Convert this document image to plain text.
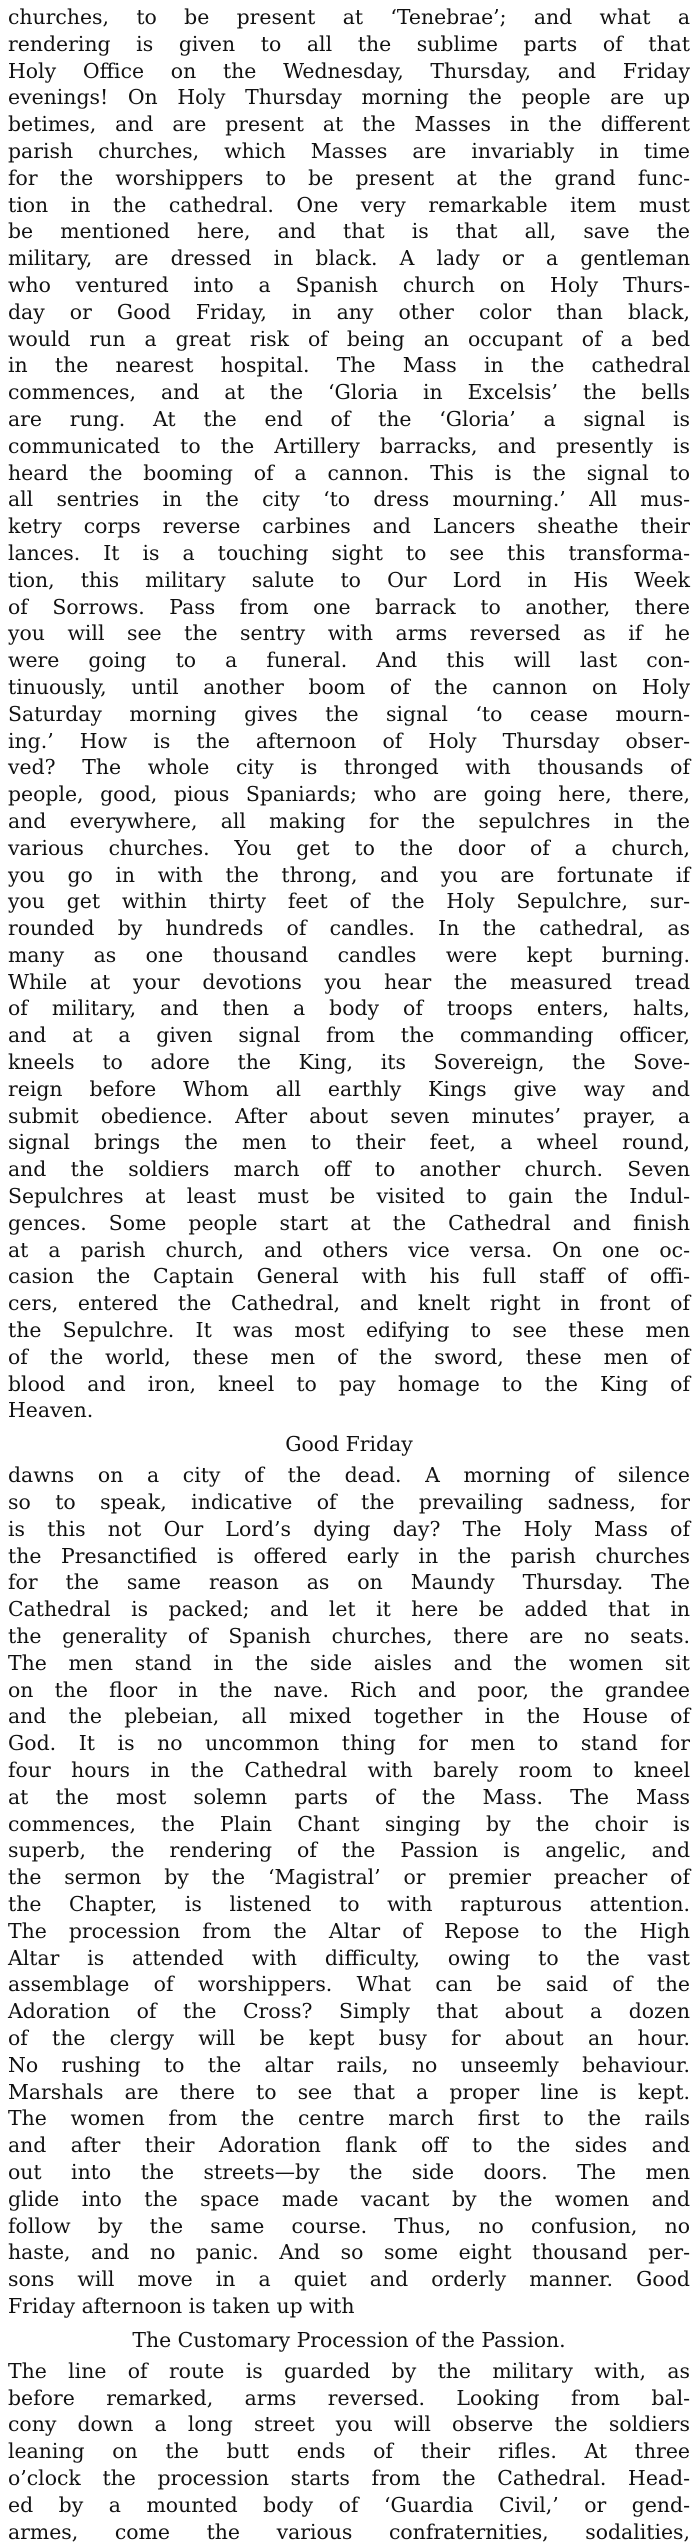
churches, to be present at ‘Tenebrae’; and what a
rendering is given to all the sublime parts of that
Holy Office on the Wednesday, Thursday, and Friday
evenings! On Holy Thursday morning the people are up
betimes, and are present at the Masses in the different
parish churches, which Masses are invariably in time
for the worshippers to be present at the grand func-
tion in the cathedral. One very remarkable item must
be mentioned here, and that is that all, save the
military, are dressed in black. A lady or a gentleman
who ventured into a Spanish church on Holy Thurs-
day or Good Friday, in any other color than black,
would run a great risk of being an occupant of a bed
in the nearest hospital. The Mass in the cathedral
commences, and at the ‘Gloria in Excelsis’ the bells
are rung. At the end of the ‘Gloria’ a signal is
communicated to the Artillery barracks, and presently is
heard the booming of a cannon. This is the signal to
all sentries in the city ‘to dress mourning.’ All mus-
ketry corps reverse carbines and Lancers sheathe their
lances. It is a touching sight to see this transforma-
tion, this military salute to Our Lord in His Week
of Sorrows. Pass from one barrack to another, there
you will see the sentry with arms reversed as if he
were going to a funeral. And this will last con-
tinuously, until another boom of the cannon on Holy
Saturday morning gives the signal ‘to cease mourn-
ing.’ How is the afternoon of Holy Thursday obser-
ved? The whole city is thronged with thousands of
people, good, pious Spaniards; who are going here, there,
and everywhere, all making for the sepulchres in the
various churches. You get to the door of a church,
you go in with the throng, and you are fortunate if
you get within thirty feet of the Holy Sepulchre, sur-
rounded by hundreds of candles. In the cathedral, as
many as one thousand candles were kept burning.
While at your devotions you hear the measured tread
of military, and then a body of troops enters, halts,
and at a given signal from the commanding officer,
kneels to adore the King, its Sovereign, the Sove-
reign before Whom all earthly Kings give way and
submit obedience. After about seven minutes’ prayer, a
signal brings the men to their feet, a wheel round,
and the soldiers march off to another church. Seven
Sepulchres at least must be visited to gain the Indul-
gences. Some people start at the Cathedral and finish
at a parish church, and others vice versa. On one oc-
casion the Captain General with his full staff of offi-
cers, entered the Cathedral, and knelt right in front of
the Sepulchre. It was most edifying to see these men
of the world, these men of the sword, these men of
blood and iron, kneel to pay homage to the King of
Heaven.
Good Friday
dawns on a city of the dead. A morning of silence
so to speak, indicative of the prevailing sadness, for
is this not Our Lord’s dying day? The Holy Mass of
the Presanctified is offered early in the parish churches
for the same reason as on Maundy Thursday. The
Cathedral is packed; and let it here be added that in
the generality of Spanish churches, there are no seats.
The men stand in the side aisles and the women sit
on the floor in the nave. Rich and poor, the grandee
and the plebeian, all mixed together in the House of
God. It is no uncommon thing for men to stand for
four hours in the Cathedral with barely room to kneel
at the most solemn parts of the Mass. The Mass
commences, the Plain Chant singing by the choir is
superb, the rendering of the Passion is angelic, and
the sermon by the ‘Magistral’ or premier preacher of
the Chapter, is listened to with rapturous attention.
The procession from the Altar of Repose to the High
Altar is attended with difficulty, owing to the vast
assemblage of worshippers. What can be said of the
Adoration of the Cross? Simply that about a dozen
of the clergy will be kept busy for about an hour.
No rushing to the altar rails, no unseemly behaviour.
Marshals are there to see that a proper line is kept.
The women from the centre march first to the rails
and after their Adoration flank off to the sides and
out into the streets—by the side doors. The men
glide into the space made vacant by the women and
follow by the same course. Thus, no confusion, no
haste, and no panic. And so some eight thousand per-
sons will move in a quiet and orderly manner. Good
Friday afternoon is taken up with
The Customary Procession of the Passion.
The line of route is guarded by the military with, as
before remarked, arms reversed. Looking from bal-
cony down a long street you will observe the soldiers
leaning on the butt ends of their rifles. At three
o’clock the procession starts from the Cathedral. Head-
ed by a mounted body of ‘Guardia Civil,’ or gend-
armes, come the various confraternities, sodalities,
